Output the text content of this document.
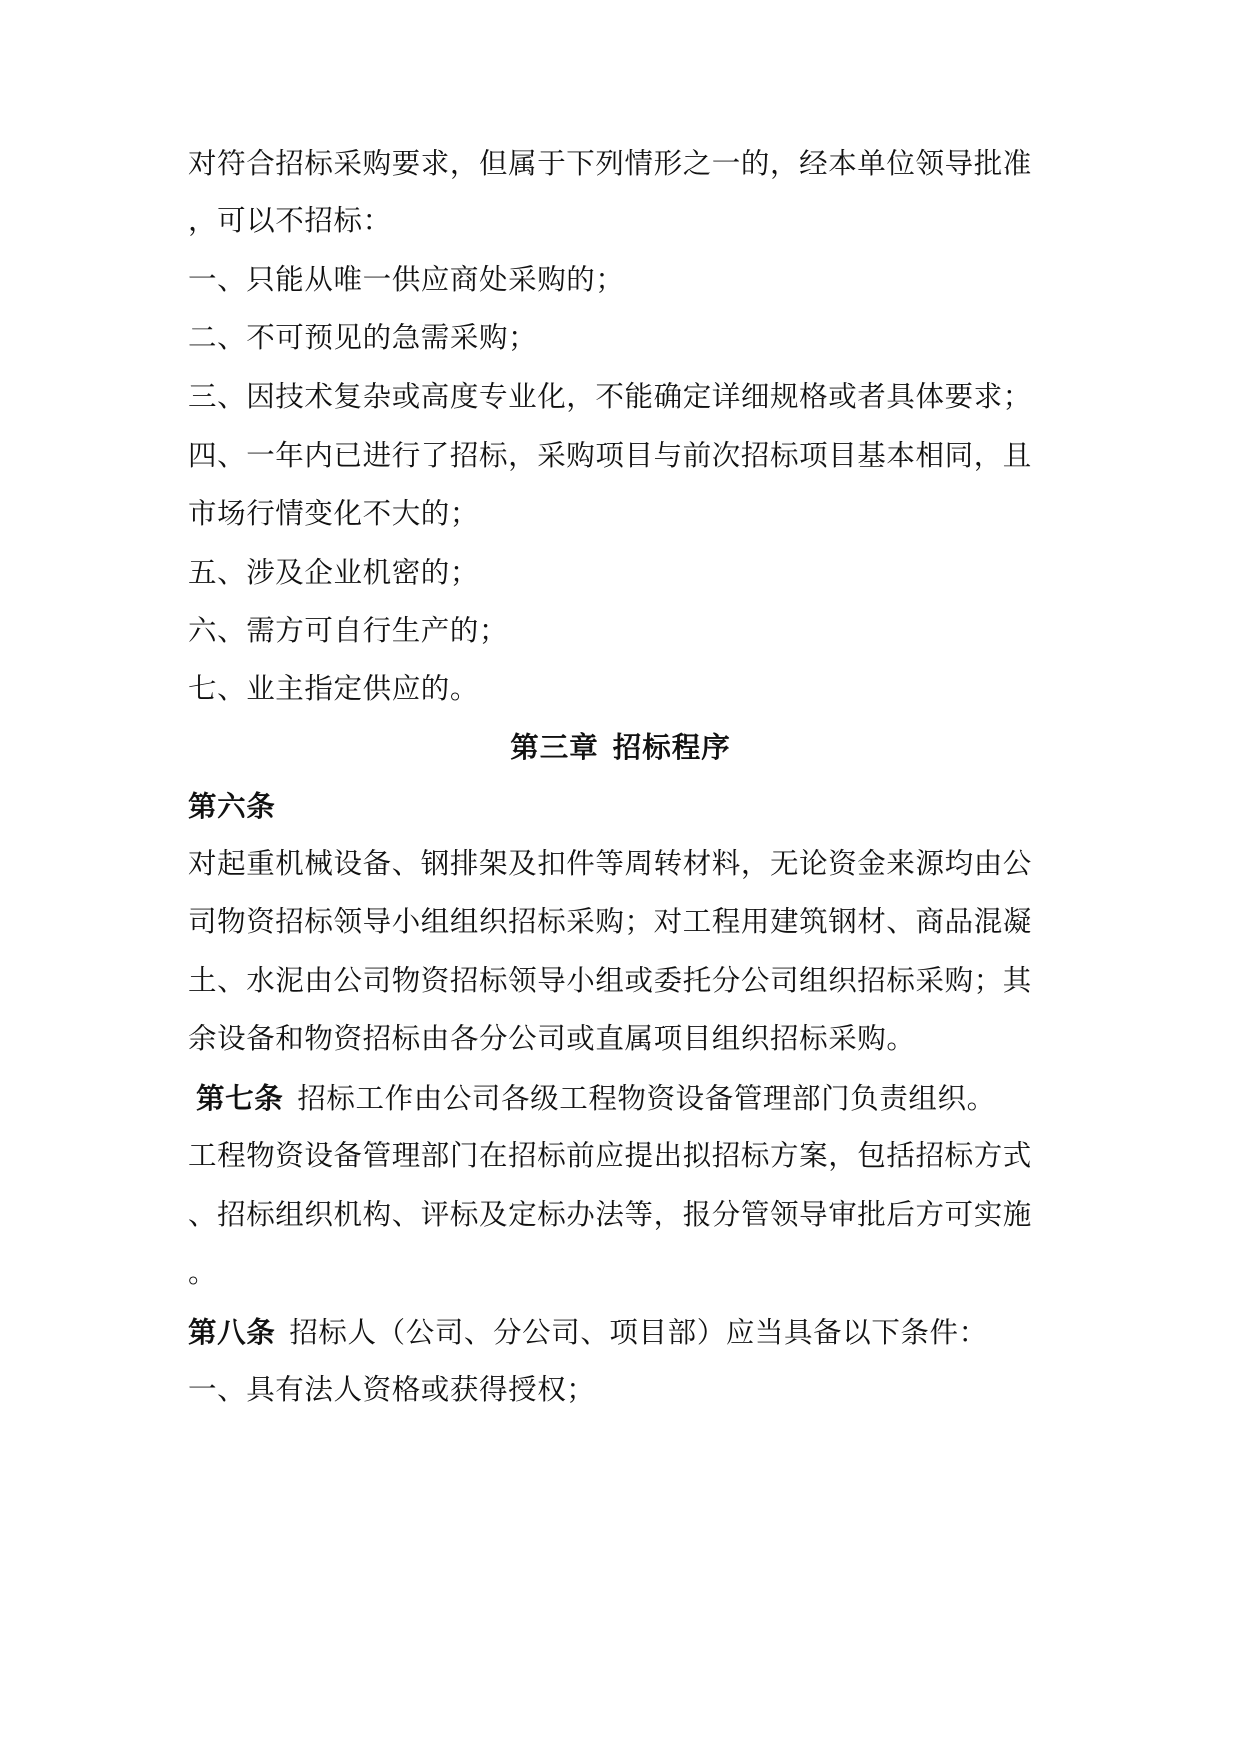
对符合招标采购要求，但属于下列情形之一的，经本单位领导批准
，可以不招标：
一、只能从唯一供应商处采购的；
二、不可预见的急需采购；
三、因技术复杂或高度专业化，不能确定详细规格或者具体要求；
四、一年内已进行了招标，采购项目与前次招标项目基本相同，且
市场行情变化不大的；
五、涉及企业机密的；
六、需方可自行生产的；
七、业主指定供应的。
第三章 招标程序
第六条
对起重机械设备、钢排架及扣件等周转材料，无论资金来源均由公
司物资招标领导小组组织招标采购；对工程用建筑钢材、商品混凝
土、水泥由公司物资招标领导小组或委托分公司组织招标采购；其
余设备和物资招标由各分公司或直属项目组织招标采购。
第七条 招标工作由公司各级工程物资设备管理部门负责组织。
工程物资设备管理部门在招标前应提出拟招标方案，包括招标方式
、招标组织机构、评标及定标办法等，报分管领导审批后方可实施
。
第八条 招标人（公司、分公司、项目部）应当具备以下条件：
一、具有法人资格或获得授权；
